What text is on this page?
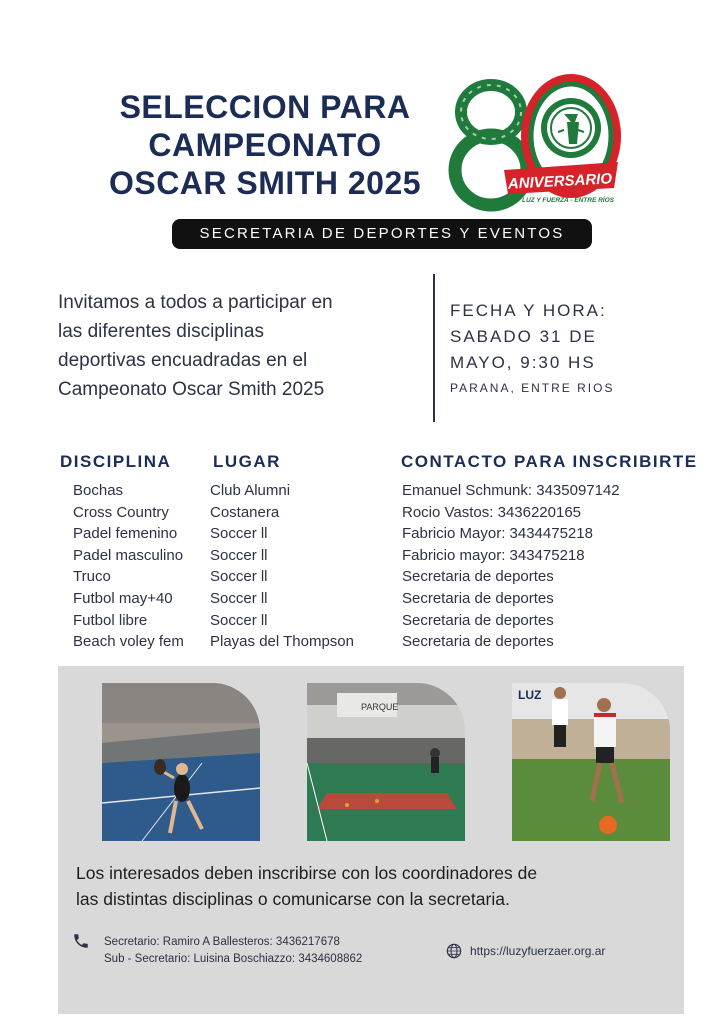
SELECCION PARA
CAMPEONATO
OSCAR SMITH 2025	ANIVERSARIO
LUZ Y FUERZA - ENTRE RÍOS
SECRETARIA DE DEPORTES Y EVENTOS
Invitamos a todos a participar en
las diferentes disciplinas
deportivas encuadradas en el
Campeonato Oscar Smith 2025
FECHA Y HORA:
SABADO 31 DE
MAYO, 9:30 HS
PARANA, ENTRE RIOS
DISCIPLINA LUGAR	CONTACTO PARA INSCRIBIRTE
Bochas
Cross Country
Padel femenino
Padel masculino
Truco
Futbol may+40
Futbol libre
Beach voley fem
Club Alumni
Costanera
Soccer ll
Soccer ll
Soccer ll
Soccer ll
Soccer ll
Playas del Thompson
Emanuel Schmunk: 3435097142
Rocio Vastos: 3436220165
Fabricio Mayor: 3434475218
Fabricio mayor: 343475218
Secretaria de deportes
Secretaria de deportes
Secretaria de deportes
Secretaria de deportes
PARQUE
LUZ
Los interesados deben inscribirse con los coordinadores de
las distintas disciplinas o comunicarse con la secretaria.
Secretario: Ramiro A Ballesteros: 3436217678
Sub - Secretario: Luisina Boschiazzo: 3434608862
https://luzyfuerzaer.org.ar
